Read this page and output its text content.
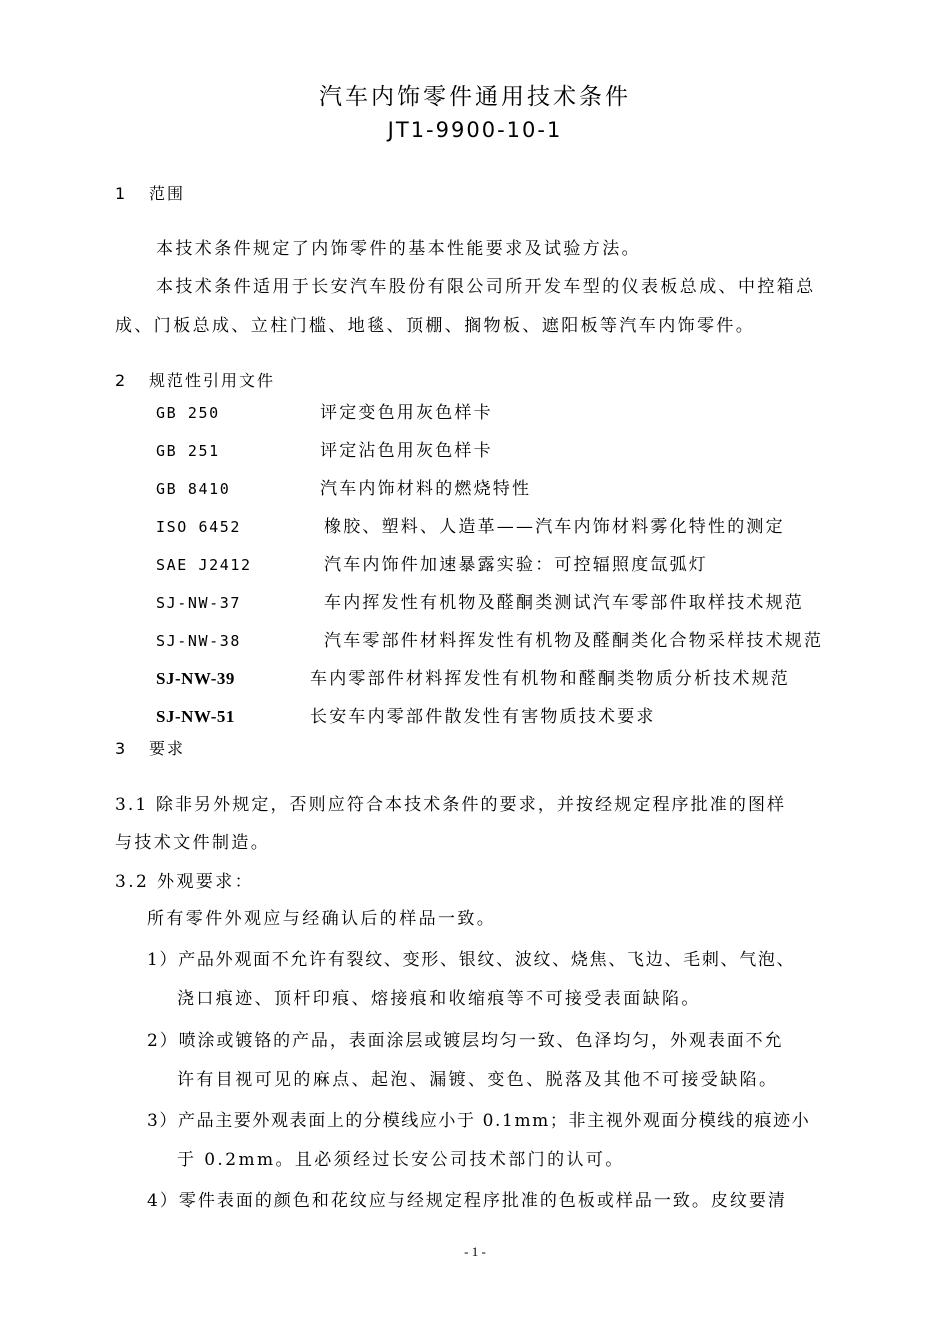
汽车内饰零件通用技术条件
JT1-9900-10-1
1 范围
本技术条件规定了内饰零件的基本性能要求及试验方法。
本技术条件适用于长安汽车股份有限公司所开发车型的仪表板总成、中控箱总
成、门板总成、立柱门槛、地毯、顶棚、搁物板、遮阳板等汽车内饰零件。
2 规范性引用文件
GB 250	评定变色用灰色样卡
GB 251	评定沾色用灰色样卡
GB 8410	汽车内饰材料的燃烧特性
ISO 6452	橡胶、塑料、人造革——汽车内饰材料雾化特性的测定
SAE J2412	汽车内饰件加速暴露实验：可控辐照度氙弧灯
SJ-NW-37	车内挥发性有机物及醛酮类测试汽车零部件取样技术规范
SJ-NW-38	汽车零部件材料挥发性有机物及醛酮类化合物采样技术规范
SJ-NW-39	车内零部件材料挥发性有机物和醛酮类物质分析技术规范
SJ-NW-51	长安车内零部件散发性有害物质技术要求
3 要求
3.1 除非另外规定，否则应符合本技术条件的要求，并按经规定程序批准的图样
与技术文件制造。
3.2 外观要求：
所有零件外观应与经确认后的样品一致。
1）产品外观面不允许有裂纹、变形、银纹、波纹、烧焦、飞边、毛刺、气泡、
浇口痕迹、顶杆印痕、熔接痕和收缩痕等不可接受表面缺陷。
2）喷涂或镀铬的产品，表面涂层或镀层均匀一致、色泽均匀，外观表面不允
许有目视可见的麻点、起泡、漏镀、变色、脱落及其他不可接受缺陷。
3）产品主要外观表面上的分模线应小于 0.1mm；非主视外观面分模线的痕迹小
于 0.2mm。且必须经过长安公司技术部门的认可。
4）零件表面的颜色和花纹应与经规定程序批准的色板或样品一致。皮纹要清
- 1 -
